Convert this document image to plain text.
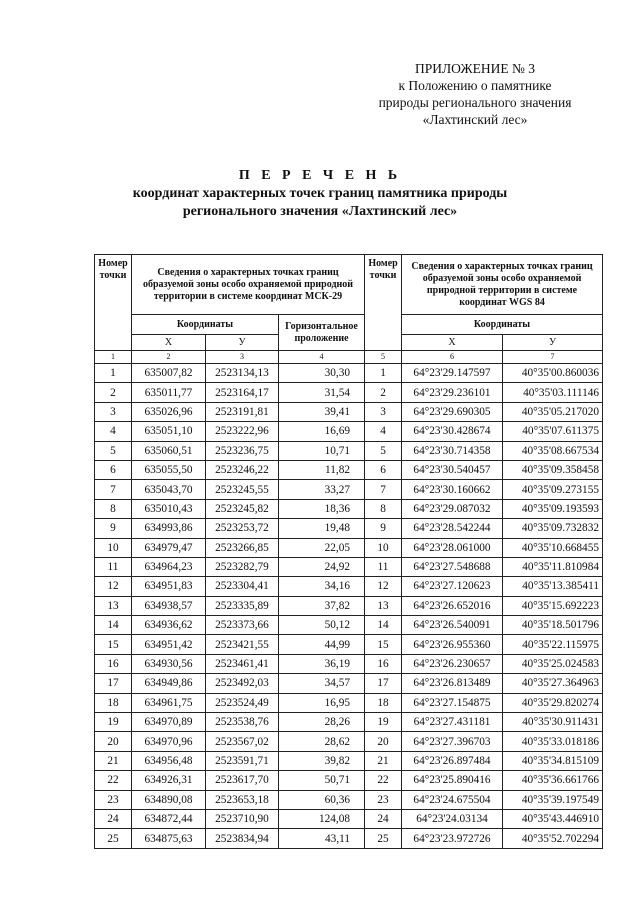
ПРИЛОЖЕНИЕ № 3
к Положению о памятнике
природы регионального значения
«Лахтинский лес»
П Е Р Е Ч Е Н Ь
координат характерных точек границ памятника природы
регионального значения «Лахтинский лес»
Номер точки	Сведения о характерных точках границ образуемой зоны особо охраняемой природной территории в системе координат МСК-29			Номер точки	Сведения о характерных точках границ образуемой зоны особо охраняемой природной территории в системе координат WGS 84	
	Координаты		Горизонтальное проложение		Координаты	
	Х	У			Х	У
1	2	3	4	5	6	7
1	635007,82	2523134,13	30,30	1	64°23'29.147597	40°35'00.860036
2	635011,77	2523164,17	31,54	2	64°23'29.236101	40°35'03.111146
3	635026,96	2523191,81	39,41	3	64°23'29.690305	40°35'05.217020
4	635051,10	2523222,96	16,69	4	64°23'30.428674	40°35'07.611375
5	635060,51	2523236,75	10,71	5	64°23'30.714358	40°35'08.667534
6	635055,50	2523246,22	11,82	6	64°23'30.540457	40°35'09.358458
7	635043,70	2523245,55	33,27	7	64°23'30.160662	40°35'09.273155
8	635010,43	2523245,82	18,36	8	64°23'29.087032	40°35'09.193593
9	634993,86	2523253,72	19,48	9	64°23'28.542244	40°35'09.732832
10	634979,47	2523266,85	22,05	10	64°23'28.061000	40°35'10.668455
11	634964,23	2523282,79	24,92	11	64°23'27.548688	40°35'11.810984
12	634951,83	2523304,41	34,16	12	64°23'27.120623	40°35'13.385411
13	634938,57	2523335,89	37,82	13	64°23'26.652016	40°35'15.692223
14	634936,62	2523373,66	50,12	14	64°23'26.540091	40°35'18.501796
15	634951,42	2523421,55	44,99	15	64°23'26.955360	40°35'22.115975
16	634930,56	2523461,41	36,19	16	64°23'26.230657	40°35'25.024583
17	634949,86	2523492,03	34,57	17	64°23'26.813489	40°35'27.364963
18	634961,75	2523524,49	16,95	18	64°23'27.154875	40°35'29.820274
19	634970,89	2523538,76	28,26	19	64°23'27.431181	40°35'30.911431
20	634970,96	2523567,02	28,62	20	64°23'27.396703	40°35'33.018186
21	634956,48	2523591,71	39,82	21	64°23'26.897484	40°35'34.815109
22	634926,31	2523617,70	50,71	22	64°23'25.890416	40°35'36.661766
23	634890,08	2523653,18	60,36	23	64°23'24.675504	40°35'39.197549
24	634872,44	2523710,90	124,08	24	64°23'24.03134	40°35'43.446910
25	634875,63	2523834,94	43,11	25	64°23'23.972726	40°35'52.702294
